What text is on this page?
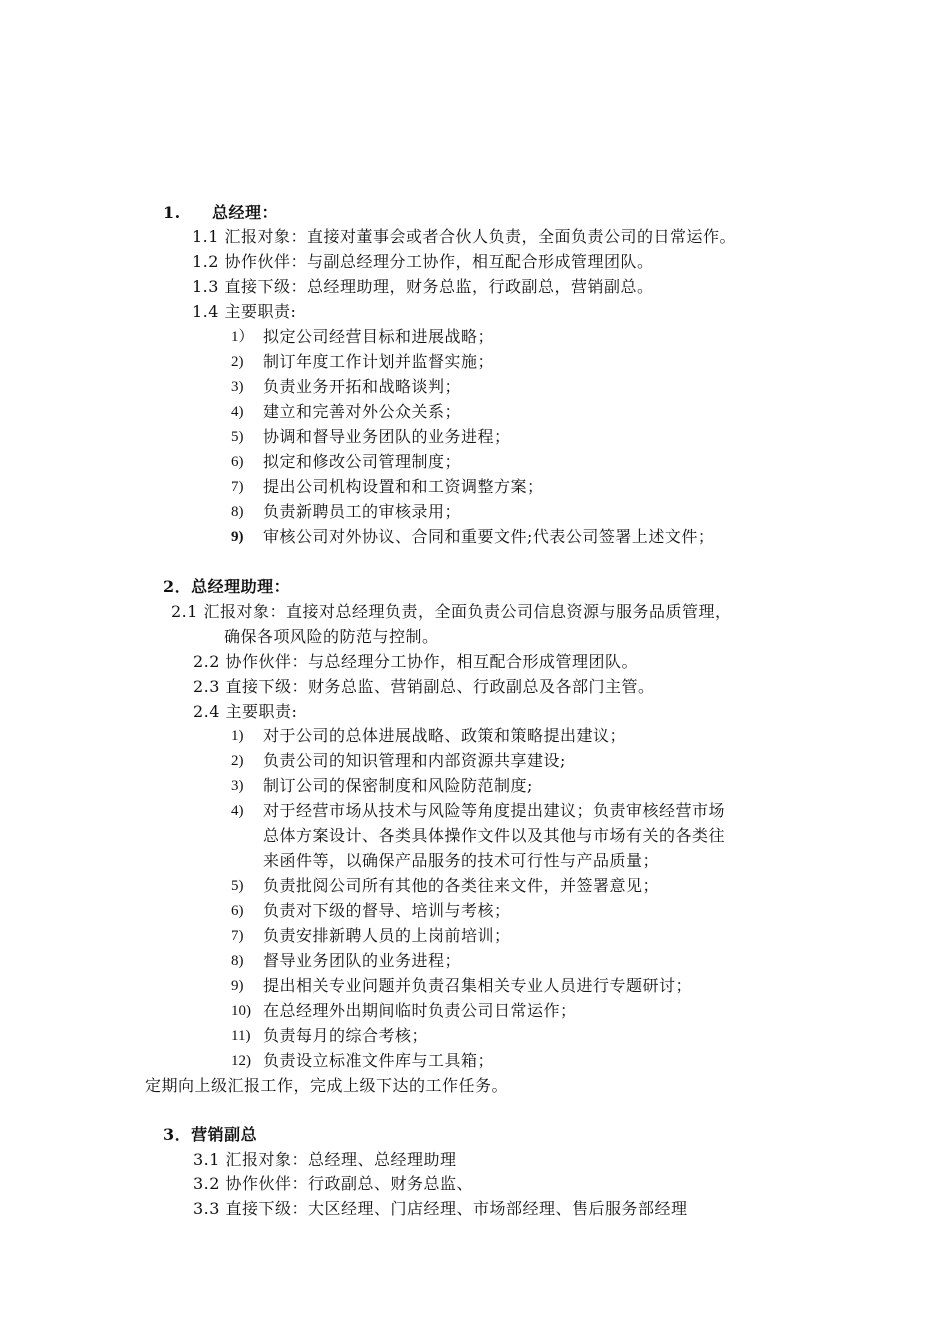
1. 总经理：
1.1 汇报对象：直接对董事会或者合伙人负责，全面负责公司的日常运作。
1.2 协作伙伴：与副总经理分工协作，相互配合形成管理团队。
1.3 直接下级：总经理助理，财务总监，行政副总，营销副总。
1.4 主要职责:
1） 拟定公司经营目标和进展战略；
2) 制订年度工作计划并监督实施；
3) 负责业务开拓和战略谈判；
4) 建立和完善对外公众关系；
5) 协调和督导业务团队的业务进程；
6) 拟定和修改公司管理制度；
7) 提出公司机构设置和和工资调整方案；
8) 负责新聘员工的审核录用；
9) 审核公司对外协议、合同和重要文件;代表公司签署上述文件；
2．总经理助理：
2.1 汇报对象：直接对总经理负责，全面负责公司信息资源与服务品质管理，
确保各项风险的防范与控制。
2.2 协作伙伴：与总经理分工协作，相互配合形成管理团队。
2.3 直接下级：财务总监、营销副总、行政副总及各部门主管。
2.4 主要职责:
1) 对于公司的总体进展战略、政策和策略提出建议；
2) 负责公司的知识管理和内部资源共享建设;
3) 制订公司的保密制度和风险防范制度;
4) 对于经营市场从技术与风险等角度提出建议；负责审核经营市场
总体方案设计、各类具体操作文件以及其他与市场有关的各类往
来函件等，以确保产品服务的技术可行性与产品质量；
5) 负责批阅公司所有其他的各类往来文件，并签署意见；
6) 负责对下级的督导、培训与考核；
7) 负责安排新聘人员的上岗前培训；
8) 督导业务团队的业务进程；
9) 提出相关专业问题并负责召集相关专业人员进行专题研讨；
10) 在总经理外出期间临时负责公司日常运作；
11) 负责每月的综合考核；
12) 负责设立标准文件库与工具箱；
定期向上级汇报工作，完成上级下达的工作任务。
3．营销副总
3.1 汇报对象：总经理、总经理助理
3.2 协作伙伴：行政副总、财务总监、
3.3 直接下级：大区经理、门店经理、市场部经理、售后服务部经理
